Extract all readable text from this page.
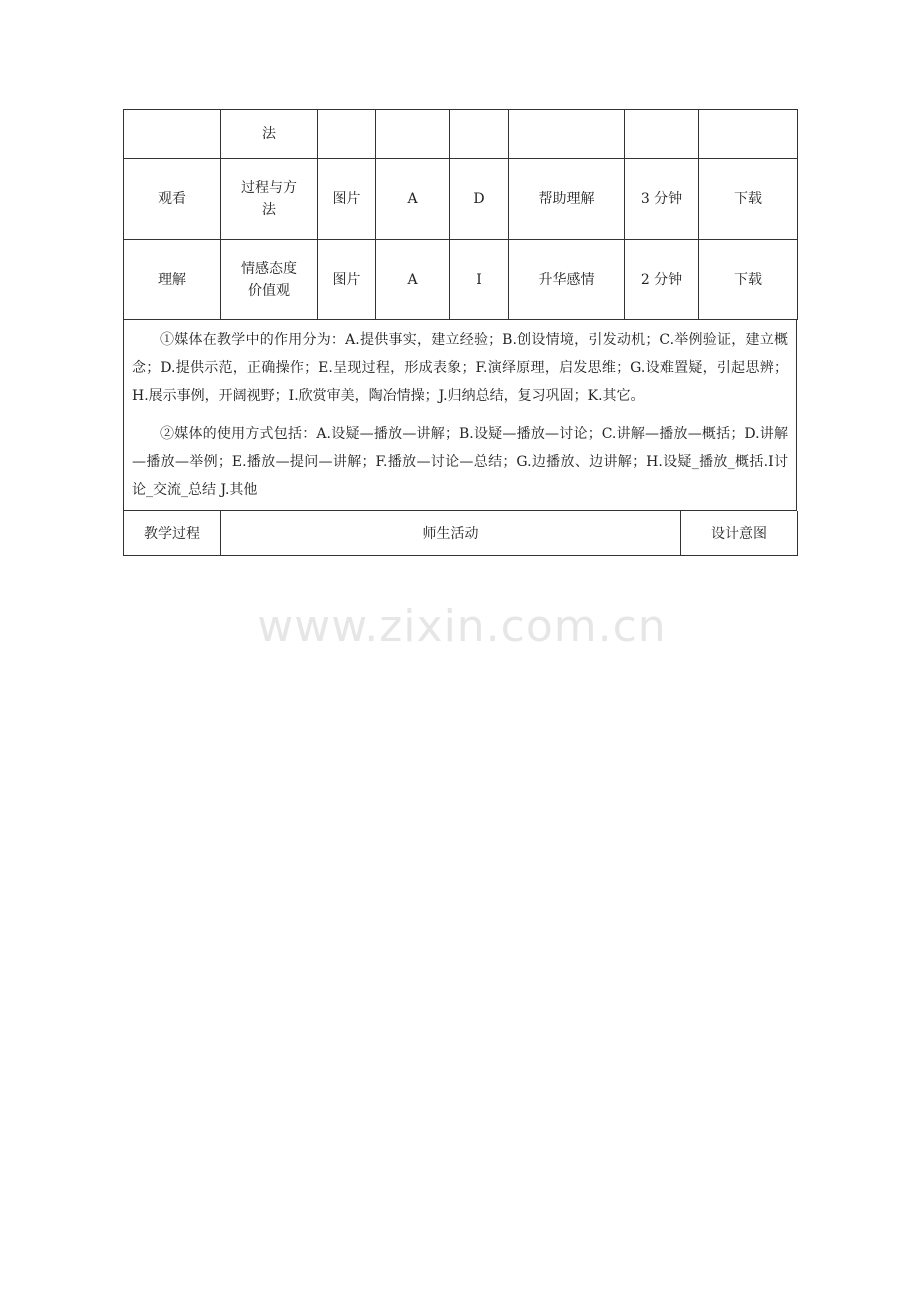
	法						
观看	过程与方法	图片	A	D	帮助理解	3 分钟	下载
理解	情感态度价值观	图片	A	I	升华感情	2 分钟	下载

①媒体在教学中的作用分为：A.提供事实，建立经验；B.创设情境，引发动机；C.举例验证，建立概念；D.提供示范，正确操作；E.呈现过程，形成表象；F.演绎原理，启发思维；G.设难置疑，引起思辨；H.展示事例，开阔视野；I.欣赏审美，陶冶情操；J.归纳总结，复习巩固；K.其它。

②媒体的使用方式包括：A.设疑—播放—讲解；B.设疑—播放—讨论；C.讲解—播放—概括；D.讲解—播放—举例；E.播放—提问—讲解；F.播放—讨论—总结；G.边播放、边讲解；H.设疑_播放_概括.I讨论_交流_总结 J.其他

教学过程	师生活动	设计意图
www.zixin.com.cn
